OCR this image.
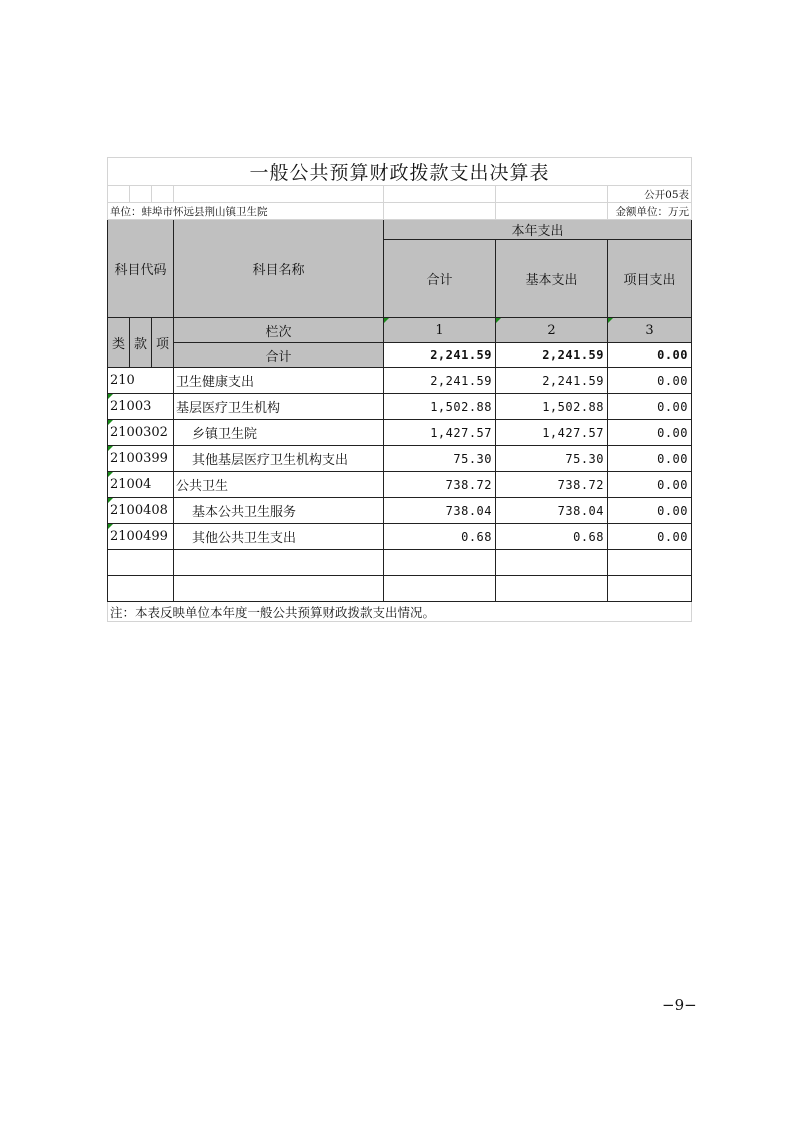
一般公共预算财政拨款支出决算表						
						公开05表
单位：蚌埠市怀远县荆山镇卫生院						金额单位：万元
科目代码			科目名称	本年支出		
				合计	基本支出	项目支出
类	款	项	栏次	1	2	3
			合计	2,241.59	2,241.59	0.00
210			卫生健康支出	2,241.59	2,241.59	0.00
21003			基层医疗卫生机构	1,502.88	1,502.88	0.00
2100302			乡镇卫生院	1,427.57	1,427.57	0.00
2100399			其他基层医疗卫生机构支出	75.30	75.30	0.00
21004			公共卫生	738.72	738.72	0.00
2100408			基本公共卫生服务	738.04	738.04	0.00
2100499			其他公共卫生支出	0.68	0.68	0.00

注：本表反映单位本年度一般公共预算财政拨款支出情况。						
−9−
